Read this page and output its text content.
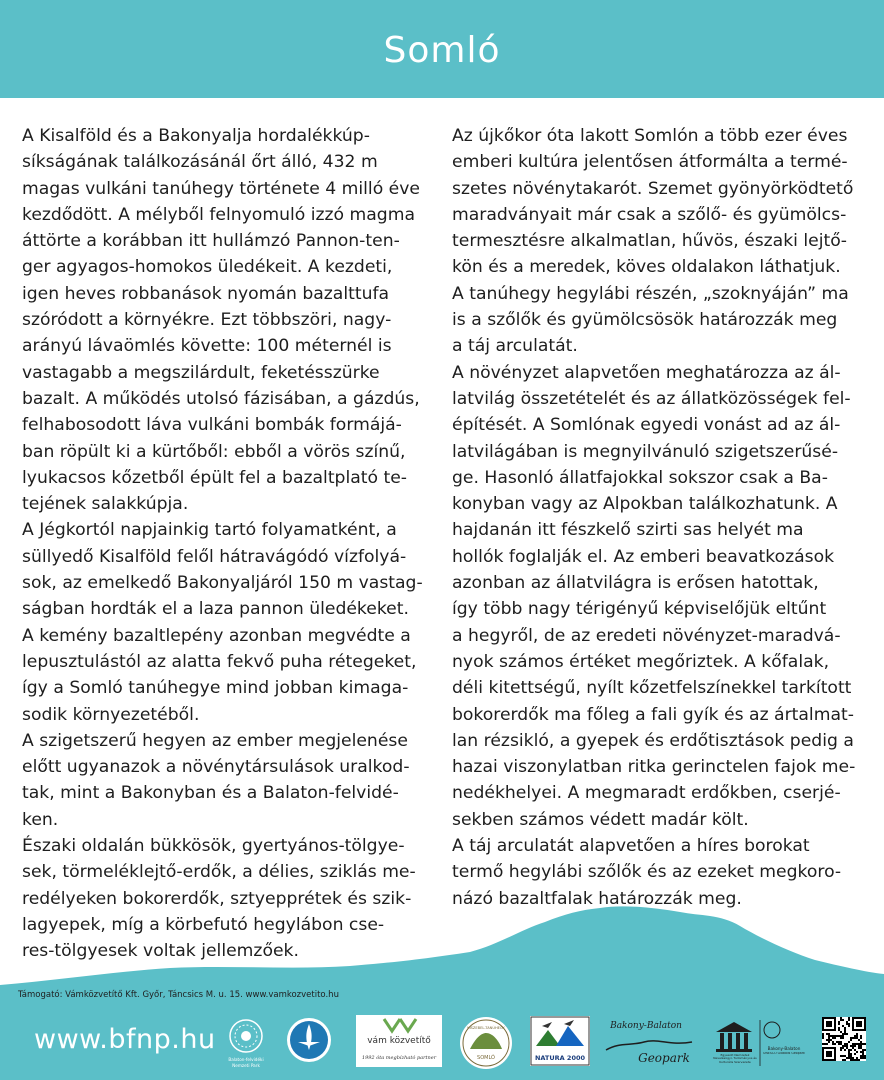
Somló
A Kisalföld és a Bakonyalja hordalékkúp-
síkságának találkozásánál őrt álló, 432 m
magas vulkáni tanúhegy története 4 milló éve
kezdődött. A mélyből felnyomuló izzó magma
áttörte a korábban itt hullámzó Pannon-ten-
ger agyagos-homokos üledékeit. A kezdeti,
igen heves robbanások nyomán bazalttufa
szóródott a környékre. Ezt többszöri, nagy-
arányú lávaömlés követte: 100 méternél is
vastagabb a megszilárdult, feketésszürke
bazalt. A működés utolsó fázisában, a gázdús,
felhabosodott láva vulkáni bombák formájá-
ban röpült ki a kürtőből: ebből a vörös színű,
lyukacsos kőzetből épült fel a bazaltplató te-
tejének salakkúpja.
A Jégkortól napjainkig tartó folyamatként, a
süllyedő Kisalföld felől hátravágódó vízfolyá-
sok, az emelkedő Bakonyaljáról 150 m vastag-
ságban hordták el a laza pannon üledékeket.
A kemény bazaltlepény azonban megvédte a
lepusztulástól az alatta fekvő puha rétegeket,
így a Somló tanúhegye mind jobban kimaga-
sodik környezetéből.
A szigetszerű hegyen az ember megjelenése
előtt ugyanazok a növénytársulások uralkod-
tak, mint a Bakonyban és a Balaton-felvidé-
ken.
Északi oldalán bükkösök, gyertyános-tölgye-
sek, törmeléklejtő-erdők, a délies, sziklás me-
redélyeken bokorerdők, sztyepprétek és szik-
lagyepek, míg a körbefutó hegylábon cse-
res-tölgyesek voltak jellemzőek.
Az újkőkor óta lakott Somlón a több ezer éves
emberi kultúra jelentősen átformálta a termé-
szetes növénytakarót. Szemet gyönyörködtető
maradványait már csak a szőlő- és gyümölcs-
termesztésre alkalmatlan, hűvös, északi lejtő-
kön és a meredek, köves oldalakon láthatjuk.
A tanúhegy hegylábi részén, „szoknyáján” ma
is a szőlők és gyümölcsösök határozzák meg
a táj arculatát.
A növényzet alapvetően meghatározza az ál-
latvilág összetételét és az állatközösségek fel-
építését. A Somlónak egyedi vonást ad az ál-
latvilágában is megnyilvánuló szigetszerűsé-
ge. Hasonló állatfajokkal sokszor csak a Ba-
konyban vagy az Alpokban találkozhatunk. A
hajdanán itt fészkelő szirti sas helyét ma
hollók foglalják el. Az emberi beavatkozások
azonban az állatvilágra is erősen hatottak,
így több nagy térigényű képviselőjük eltűnt
a hegyről, de az eredeti növényzet-maradvá-
nyok számos értéket megőriztek. A kőfalak,
déli kitettségű, nyílt kőzetfelszínekkel tarkított
bokorerdők ma főleg a fali gyík és az ártalmat-
lan rézsikló, a gyepek és erdőtisztások pedig a
hazai viszonylatban ritka gerinctelen fajok me-
nedékhelyei. A megmaradt erdőkben, cserjé-
sekben számos védett madár költ.
A táj arculatát alapvetően a híres borokat
termő hegylábi szőlők és az ezeket megkoro-
názó bazaltfalak határozzák meg.
Támogató: Vámközvetítő Kft. Győr, Táncsics M. u. 15. www.vamkozvetito.hu
www.bfnp.hu
Balaton-felvidéki
Nemzeti Park
vám közvetítő
1992 óta megbízható partner
KISZEBEL-TANÚHEGY
SOMLÓ	NATURA 2000
Bakony-Balaton
Geopark	Egyesült Nemzetek Nevelésügyi, Tudományos és Kulturális Szervezete
Bakony-Balaton
UNESCO Globális Geopark
